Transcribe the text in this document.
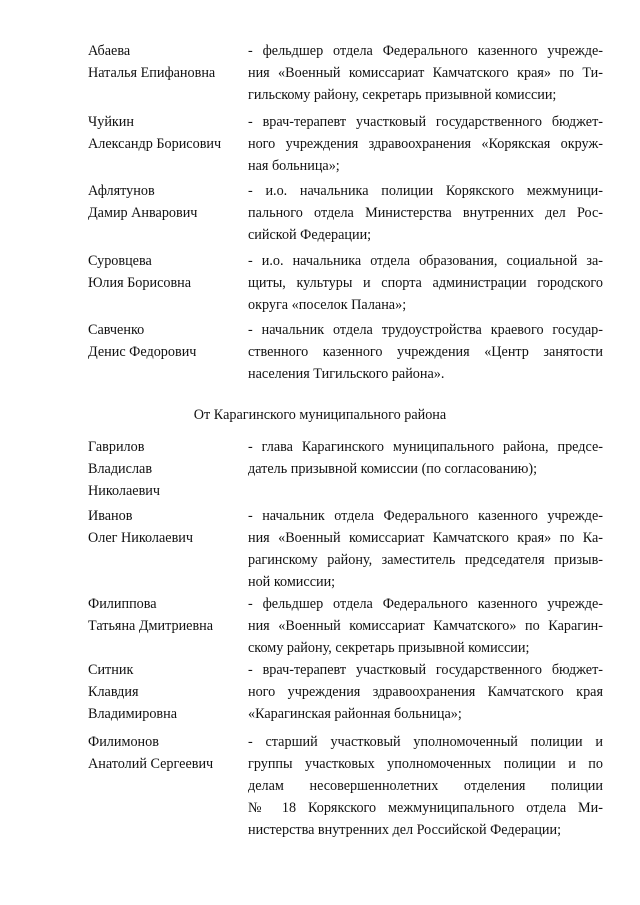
Абаева
Наталья Епифановна
- фельдшер отдела Федерального казенного учрежде-
ния «Военный комиссариат Камчатского края» по Ти-
гильскому району, секретарь призывной комиссии;
Чуйкин
Александр Борисович
- врач-терапевт участковый государственного бюджет-
ного учреждения здравоохранения «Корякская окруж-
ная больница»;
Афлятунов
Дамир Анварович
- и.о. начальника полиции Корякского межмуници-
пального отдела Министерства внутренних дел Рос-
сийской Федерации;
Суровцева
Юлия Борисовна
- и.о. начальника отдела образования, социальной за-
щиты, культуры и спорта администрации городского
округа «поселок Палана»;
Савченко
Денис Федорович
- начальник отдела трудоустройства краевого государ-
ственного казенного учреждения «Центр занятости
населения Тигильского района».
От Карагинского муниципального района
Гаврилов
Владислав
Николаевич
- глава Карагинского муниципального района, предсе-
датель призывной комиссии (по согласованию);
Иванов
Олег Николаевич
- начальник отдела Федерального казенного учрежде-
ния «Военный комиссариат Камчатского края» по Ка-
рагинскому району, заместитель председателя призыв-
ной комиссии;
Филиппова
Татьяна Дмитриевна
- фельдшер отдела Федерального казенного учрежде-
ния «Военный комиссариат Камчатского» по Карагин-
скому району, секретарь призывной комиссии;
Ситник
Клавдия
Владимировна
- врач-терапевт участковый государственного бюджет-
ного учреждения здравоохранения Камчатского края
«Карагинская районная больница»;
Филимонов
Анатолий Сергеевич
- старший участковый уполномоченный полиции и
группы участковых уполномоченных полиции и по
делам несовершеннолетних отделения полиции
№ 18 Корякского межмуниципального отдела Ми-
нистерства внутренних дел Российской Федерации;
